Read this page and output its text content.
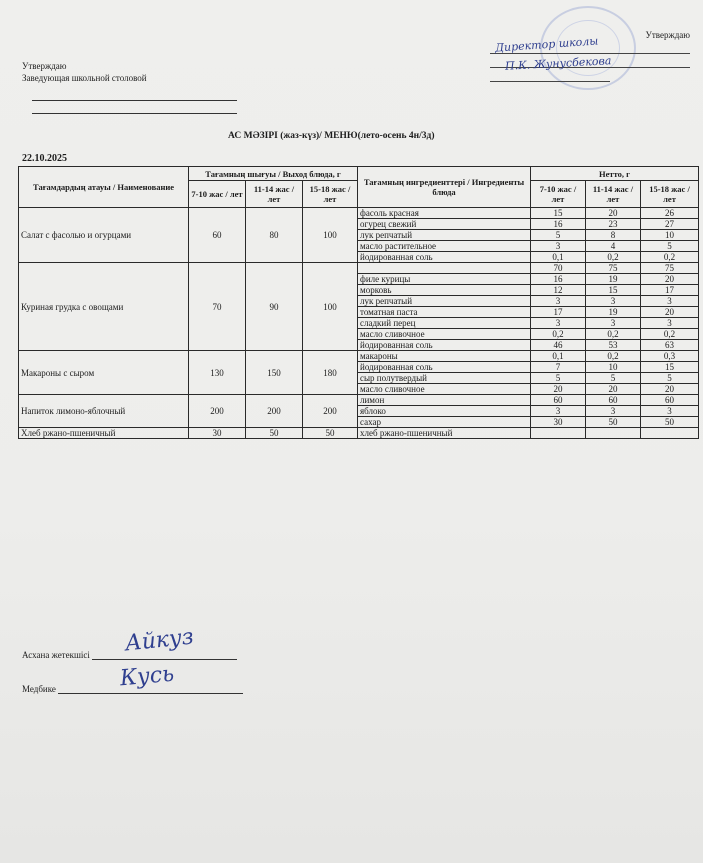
Утверждаю
Заведующая школьной столовой
Утверждаю
Директор школы
П.К. Жунусбекова
АС МӘЗІРІ (жаз-күз)/ МЕНЮ(лето-осень 4н/3д)
22.10.2025
Тағамдардың атауы / Наименование	Тағамның шығуы / Выход блюда, г			Тағамның ингредиенттері / Ингредиенты блюда	Нетто, г		
	7-10 жас / лет	11-14 жас / лет	15-18 жас / лет		7-10 жас / лет	11-14 жас / лет	15-18 жас / лет
Салат с фасолью и огурцами	60	80	100	фасоль красная	15	20	26
				огурец свежий	16	23	27
				лук репчатый	5	8	10
				масло растительное	3	4	5
				йодированная соль	0,1	0,2	0,2
Куриная грудка с овощами	70	90	100		70	75	75
				филе курицы	16	19	20
				морковь	12	15	17
				лук репчатый	3	3	3
				томатная паста	17	19	20
				сладкий перец	3	3	3
				масло сливочное	0,2	0,2	0,2
				йодированная соль	46	53	63
Макароны с сыром	130	150	180	макароны	0,1	0,2	0,3
				йодированная соль	7	10	15
				сыр полутвердый	5	5	5
				масло сливочное	20	20	20
Напиток лимоно-яблочный	200	200	200	лимон	60	60	60
				яблоко	3	3	3
				сахар	30	50	50
Хлеб ржано-пшеничный	30	50	50	хлеб ржано-пшеничный			
Асхана жетекшісі	Айкуз
Медбике	Кусь
